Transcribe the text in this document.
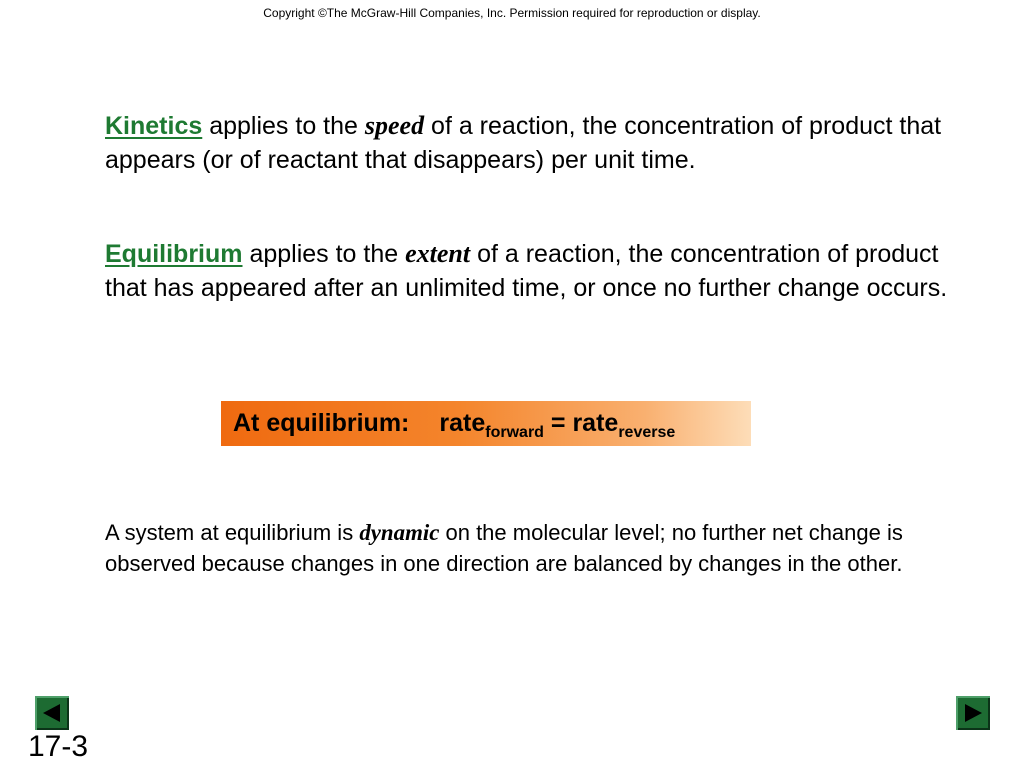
Copyright ©The McGraw-Hill Companies, Inc. Permission required for reproduction or display.

Kinetics applies to the speed of a reaction, the concentration of product that appears (or of reactant that disappears) per unit time.

Equilibrium applies to the extent of a reaction, the concentration of product that has appeared after an unlimited time, or once no further change occurs.

At equilibrium: rate$_{forward}$ = rate$_{reverse}$

A system at equilibrium is dynamic on the molecular level; no further net change is observed because changes in one direction are balanced by changes in the other.

17-3
